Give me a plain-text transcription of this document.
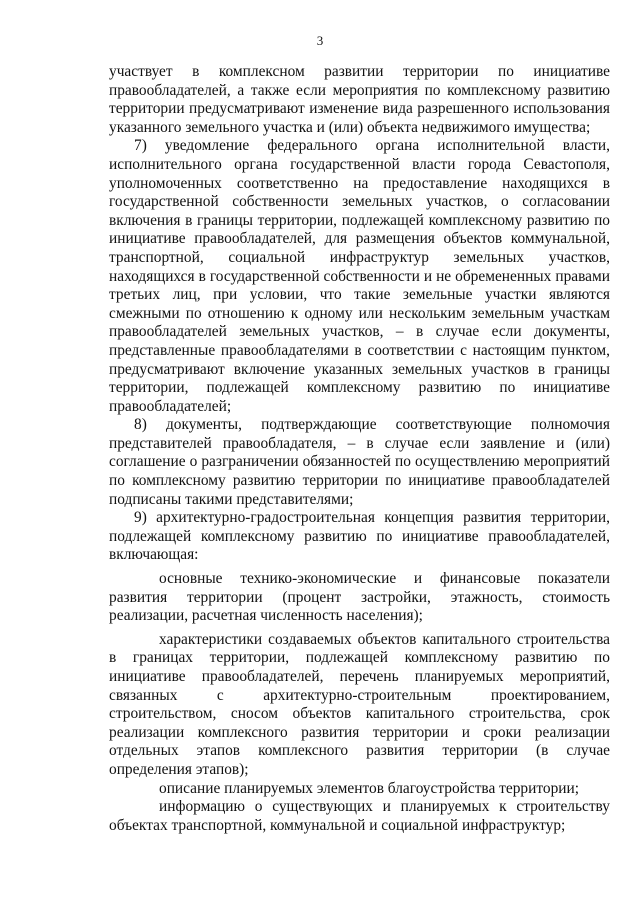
3

участвует в комплексном развитии территории по инициативе правообладателей, а также если мероприятия по комплексному развитию территории предусматривают изменение вида разрешенного использования указанного земельного участка и (или) объекта недвижимого имущества;

7) уведомление федерального органа исполнительной власти, исполнительного органа государственной власти города Севастополя, уполномоченных соответственно на предоставление находящихся в государственной собственности земельных участков, о согласовании включения в границы территории, подлежащей комплексному развитию по инициативе правообладателей, для размещения объектов коммунальной, транспортной, социальной инфраструктур земельных участков, находящихся в государственной собственности и не обремененных правами третьих лиц, при условии, что такие земельные участки являются смежными по отношению к одному или нескольким земельным участкам правообладателей земельных участков, – в случае если документы, представленные правообладателями в соответствии с настоящим пунктом, предусматривают включение указанных земельных участков в границы территории, подлежащей комплексному развитию по инициативе правообладателей;

8) документы, подтверждающие соответствующие полномочия представителей правообладателя, – в случае если заявление и (или) соглашение о разграничении обязанностей по осуществлению мероприятий по комплексному развитию территории по инициативе правообладателей подписаны такими представителями;

9) архитектурно-градостроительная концепция развития территории, подлежащей комплексному развитию по инициативе правообладателей, включающая:

основные технико-экономические и финансовые показатели развития территории (процент застройки, этажность, стоимость реализации, расчетная численность населения);

характеристики создаваемых объектов капитального строительства в границах территории, подлежащей комплексному развитию по инициативе правообладателей, перечень планируемых мероприятий, связанных с архитектурно-строительным проектированием, строительством, сносом объектов капитального строительства, срок реализации комплексного развития территории и сроки реализации отдельных этапов комплексного развития территории (в случае определения этапов);

описание планируемых элементов благоустройства территории;

информацию о существующих и планируемых к строительству объектах транспортной, коммунальной и социальной инфраструктур;
